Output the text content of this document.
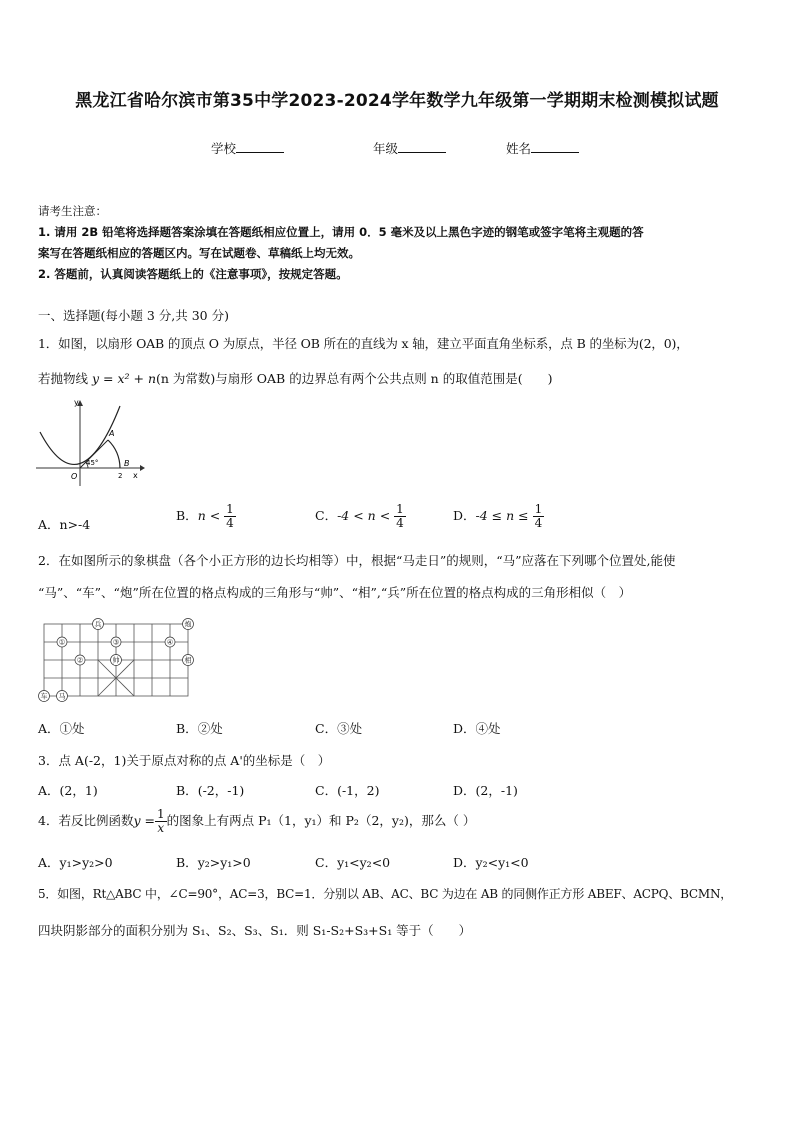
黑龙江省哈尔滨市第35中学2023-2024学年数学九年级第一学期期末检测模拟试题
学校	年级	姓名
请考生注意：
1. 请用 2B 铅笔将选择题答案涂填在答题纸相应位置上，请用 0．5 毫米及以上黑色字迹的钢笔或签字笔将主观题的答
案写在答题纸相应的答题区内。写在试题卷、草稿纸上均无效。
2. 答题前，认真阅读答题纸上的《注意事项》，按规定答题。
一、选择题(每小题 3 分,共 30 分)
1．如图，以扇形 OAB 的顶点 O 为原点，半径 OB 所在的直线为 x 轴，建立平面直角坐标系，点 B 的坐标为(2，0)，
若抛物线 y = x² + n(n 为常数)与扇形 OAB 的边界总有两个公共点则 n 的取值范围是(　　)
y
x
O
A
B
2
45°
A．n>-4
B．$n < \frac{1}{4}$	C．$-4 < n < \frac{1}{4}$	D．$-4 \le n \le \frac{1}{4}$
2．在如图所示的象棋盘（各个小正方形的边长均相等）中，根据“马走日”的规则，“马”应落在下列哪个位置处,能使
“马”、“车”、“炮”所在位置的格点构成的三角形与“帅”、“相”,“兵”所在位置的格点构成的三角形相似（　）
兵	炮
帅	相
车 马
①
②
③	④
A．①处	B．②处	C．③处	D．④处
3．点 A(-2，1)关于原点对称的点 A'的坐标是（　）
A．(2，1)	B．(-2，-1)	C．(-1，2)	D．(2，-1)
4．若反比例函数$y = \frac{1}{x}$ 的图象上有两点 P₁（1，y₁）和 P₂（2，y₂)，那么（ ）
A．y₁>y₂>0	B．y₂>y₁>0	C．y₁<y₂<0	D．y₂<y₁<0
5．如图，Rt△ABC 中，∠C=90°，AC=3，BC=1．分别以 AB、AC、BC 为边在 AB 的同侧作正方形 ABEF、ACPQ、BCMN，
四块阴影部分的面积分别为 S₁、S₂、S₃、S₁．则 S₁-S₂+S₃+S₁ 等于（　　）
